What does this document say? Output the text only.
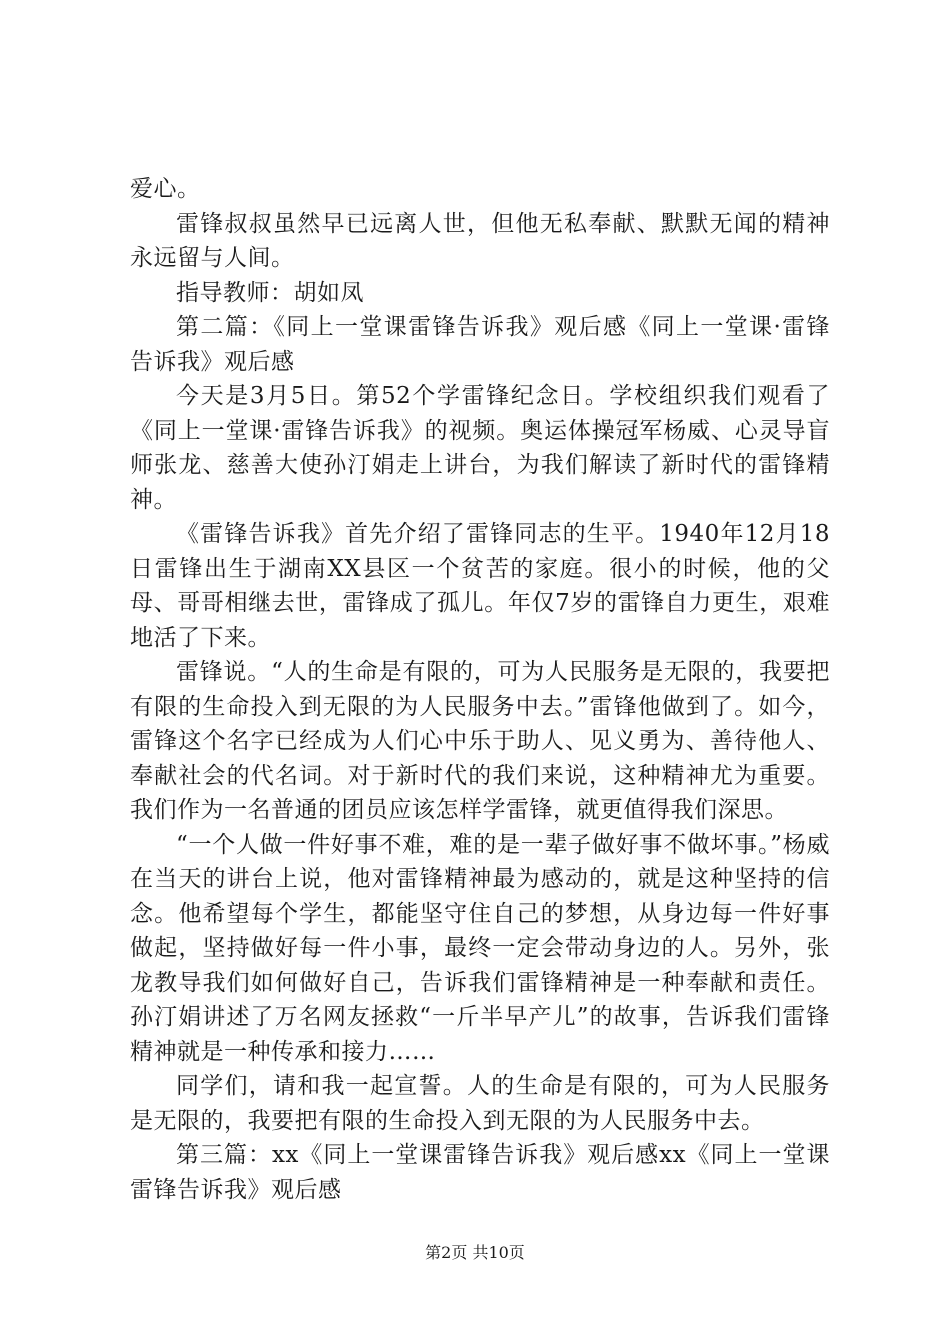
爱心。

雷锋叔叔虽然早已远离人世，但他无私奉献、默默无闻的精神永远留与人间。

指导教师：胡如凤

第二篇：《同上一堂课雷锋告诉我》观后感《同上一堂课·雷锋告诉我》观后感

今天是3月5日。第52个学雷锋纪念日。学校组织我们观看了《同上一堂课·雷锋告诉我》的视频。奥运体操冠军杨威、心灵导盲师张龙、慈善大使孙汀娟走上讲台，为我们解读了新时代的雷锋精神。

《雷锋告诉我》首先介绍了雷锋同志的生平。1940年12月18日雷锋出生于湖南XX县区一个贫苦的家庭。很小的时候，他的父母、哥哥相继去世，雷锋成了孤儿。年仅7岁的雷锋自力更生，艰难地活了下来。

雷锋说。“人的生命是有限的，可为人民服务是无限的，我要把有限的生命投入到无限的为人民服务中去。”雷锋他做到了。如今，雷锋这个名字已经成为人们心中乐于助人、见义勇为、善待他人、奉献社会的代名词。对于新时代的我们来说，这种精神尤为重要。我们作为一名普通的团员应该怎样学雷锋，就更值得我们深思。

“一个人做一件好事不难，难的是一辈子做好事不做坏事。”杨威在当天的讲台上说，他对雷锋精神最为感动的，就是这种坚持的信念。他希望每个学生，都能坚守住自己的梦想，从身边每一件好事做起，坚持做好每一件小事，最终一定会带动身边的人。另外，张龙教导我们如何做好自己，告诉我们雷锋精神是一种奉献和责任。孙汀娟讲述了万名网友拯救“一斤半早产儿”的故事，告诉我们雷锋精神就是一种传承和接力……

同学们，请和我一起宣誓。人的生命是有限的，可为人民服务是无限的，我要把有限的生命投入到无限的为人民服务中去。

第三篇：xx《同上一堂课雷锋告诉我》观后感xx《同上一堂课雷锋告诉我》观后感

第2页 共10页
